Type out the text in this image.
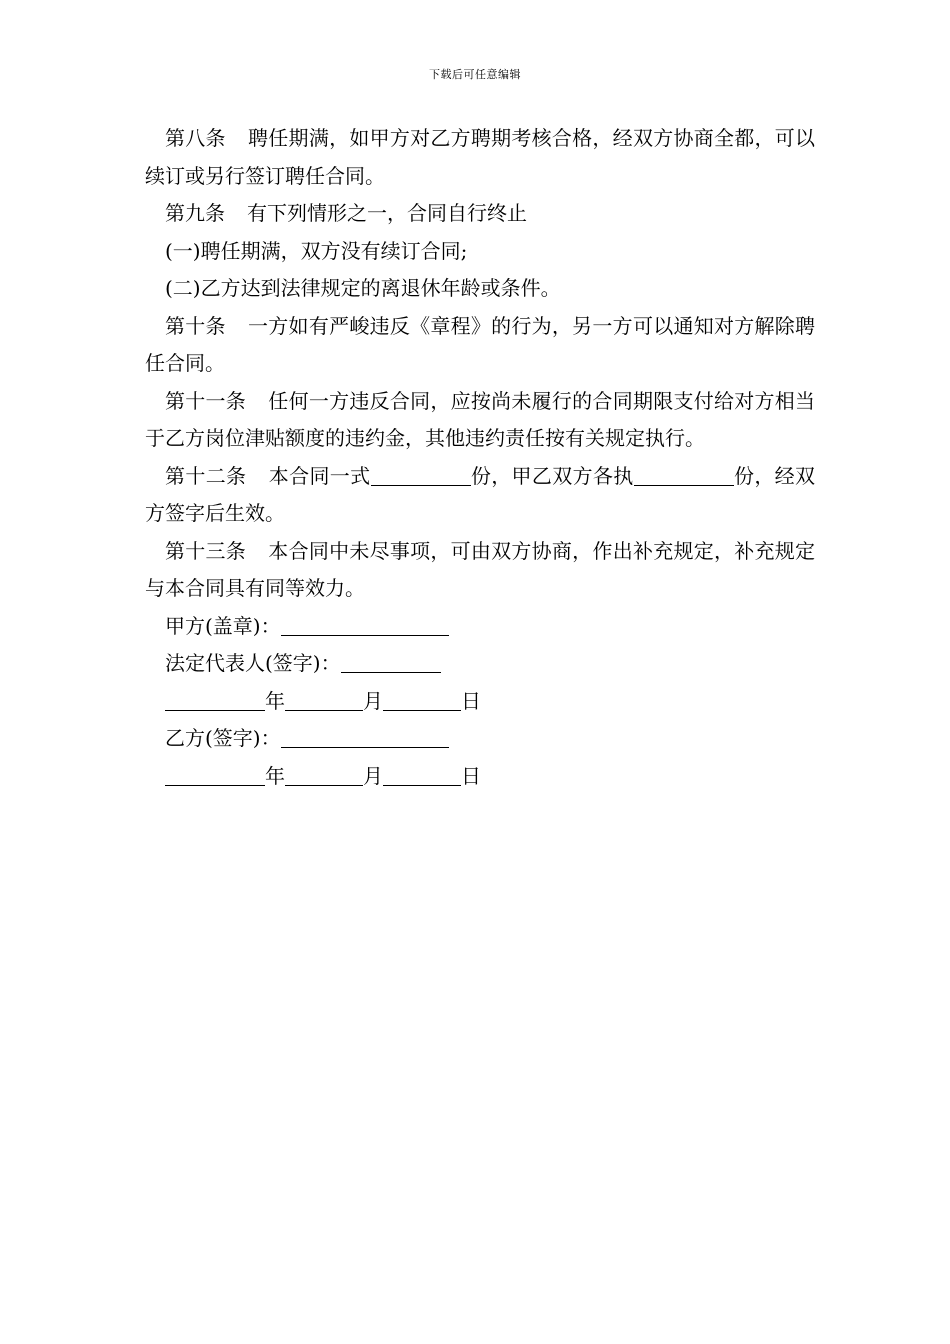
下载后可任意编辑

第八条 聘任期满，如甲方对乙方聘期考核合格，经双方协商全都，可以续订或另行签订聘任合同。

第九条 有下列情形之一，合同自行终止

(一)聘任期满，双方没有续订合同;

(二)乙方达到法律规定的离退休年龄或条件。

第十条 一方如有严峻违反《章程》的行为，另一方可以通知对方解除聘任合同。

第十一条 任何一方违反合同，应按尚未履行的合同期限支付给对方相当于乙方岗位津贴额度的违约金，其他违约责任按有关规定执行。

第十二条 本合同一式	份，甲乙双方各执	份，经双方签字后生效。

第十三条 本合同中未尽事项，可由双方协商，作出补充规定，补充规定与本合同具有同等效力。

甲方(盖章)：

法定代表人(签字)：

年	月	日

乙方(签字)：

年	月	日
